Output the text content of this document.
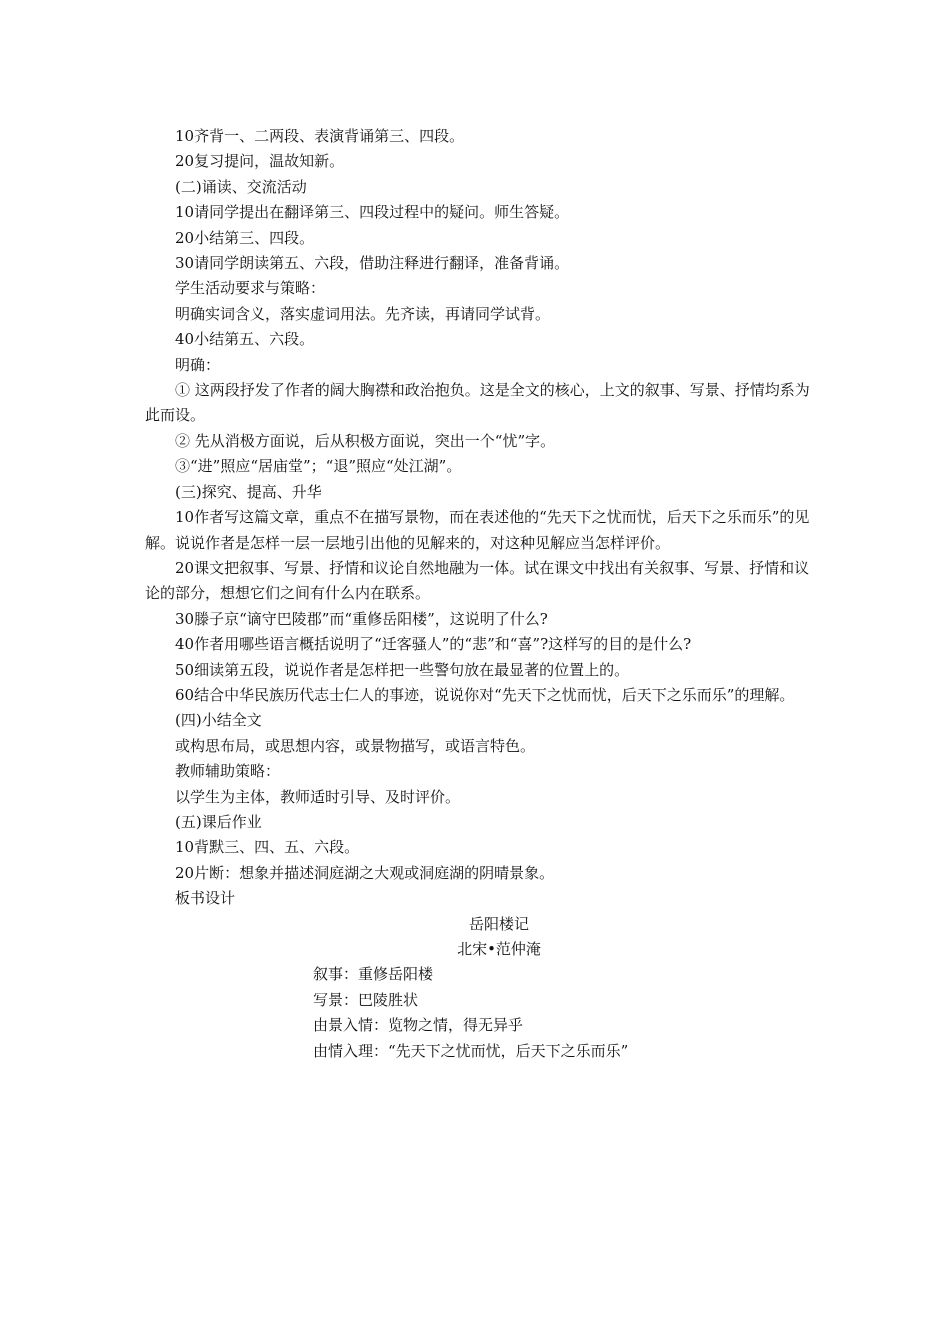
10齐背一、二两段、表演背诵第三、四段。

20复习提问，温故知新。

(二)诵读、交流活动

10请同学提出在翻译第三、四段过程中的疑问。师生答疑。

20小结第三、四段。

30请同学朗读第五、六段，借助注释进行翻译，准备背诵。

学生活动要求与策略：

明确实词含义，落实虚词用法。先齐读，再请同学试背。

40小结第五、六段。

明确：

① 这两段抒发了作者的阔大胸襟和政治抱负。这是全文的核心，上文的叙事、写景、抒情均系为此而设。

② 先从消极方面说，后从积极方面说，突出一个“忧”字。

③“进”照应“居庙堂”；“退”照应“处江湖”。

(三)探究、提高、升华

10作者写这篇文章，重点不在描写景物，而在表述他的“先天下之忧而忧，后天下之乐而乐”的见解。说说作者是怎样一层一层地引出他的见解来的，对这种见解应当怎样评价。

20课文把叙事、写景、抒情和议论自然地融为一体。试在课文中找出有关叙事、写景、抒情和议论的部分，想想它们之间有什么内在联系。

30滕子京“谪守巴陵郡”而“重修岳阳楼”，这说明了什么?

40作者用哪些语言概括说明了“迁客骚人”的“悲”和“喜”?这样写的目的是什么?

50细读第五段，说说作者是怎样把一些警句放在最显著的位置上的。

60结合中华民族历代志士仁人的事迹，说说你对“先天下之忧而忧，后天下之乐而乐”的理解。

(四)小结全文

或构思布局，或思想内容，或景物描写，或语言特色。

教师辅助策略：

以学生为主体，教师适时引导、及时评价。

(五)课后作业

10背默三、四、五、六段。

20片断：想象并描述洞庭湖之大观或洞庭湖的阴晴景象。

板书设计

岳阳楼记

北宋•范仲淹

叙事：重修岳阳楼

写景：巴陵胜状

由景入情：览物之情，得无异乎

由情入理：“先天下之忧而忧，后天下之乐而乐”
